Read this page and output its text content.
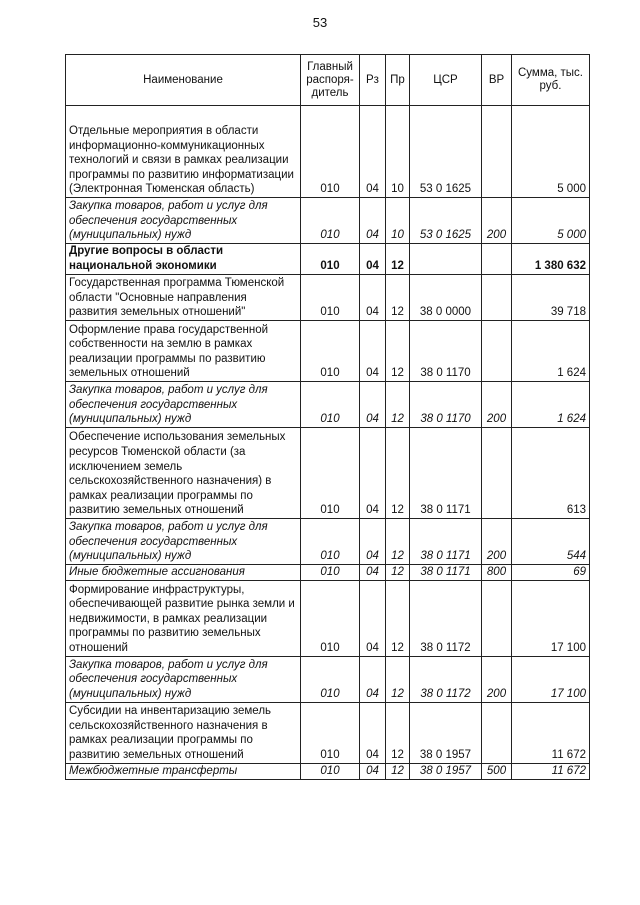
53
Наименование	Главный распоря-дитель	Рз	Пр	ЦСР	ВР	Сумма, тыс. руб.
Отдельные мероприятия в области информационно-коммуникационных технологий и связи в рамках реализации программы по развитию информатизации (Электронная Тюменская область)	010	04	10	53 0 1625		5 000
Закупка товаров, работ и услуг для обеспечения государственных (муниципальных) нужд	010	04	10	53 0 1625	200	5 000
Другие вопросы в области национальной экономики	010	04	12			1 380 632
Государственная программа Тюменской области "Основные направления развития земельных отношений"	010	04	12	38 0 0000		39 718
Оформление права государственной собственности на землю в рамках реализации программы по развитию земельных отношений	010	04	12	38 0 1170		1 624
Закупка товаров, работ и услуг для обеспечения государственных (муниципальных) нужд	010	04	12	38 0 1170	200	1 624
Обеспечение использования земельных ресурсов Тюменской области (за исключением земель сельскохозяйственного назначения) в рамках реализации программы по развитию земельных отношений	010	04	12	38 0 1171		613
Закупка товаров, работ и услуг для обеспечения государственных (муниципальных) нужд	010	04	12	38 0 1171	200	544
Иные бюджетные ассигнования	010	04	12	38 0 1171	800	69
Формирование инфраструктуры, обеспечивающей развитие рынка земли и недвижимости, в рамках реализации программы по развитию земельных отношений	010	04	12	38 0 1172		17 100
Закупка товаров, работ и услуг для обеспечения государственных (муниципальных) нужд	010	04	12	38 0 1172	200	17 100
Субсидии на инвентаризацию земель сельскохозяйственного назначения в рамках реализации программы по развитию земельных отношений	010	04	12	38 0 1957		11 672
Межбюджетные трансферты	010	04	12	38 0 1957	500	11 672
